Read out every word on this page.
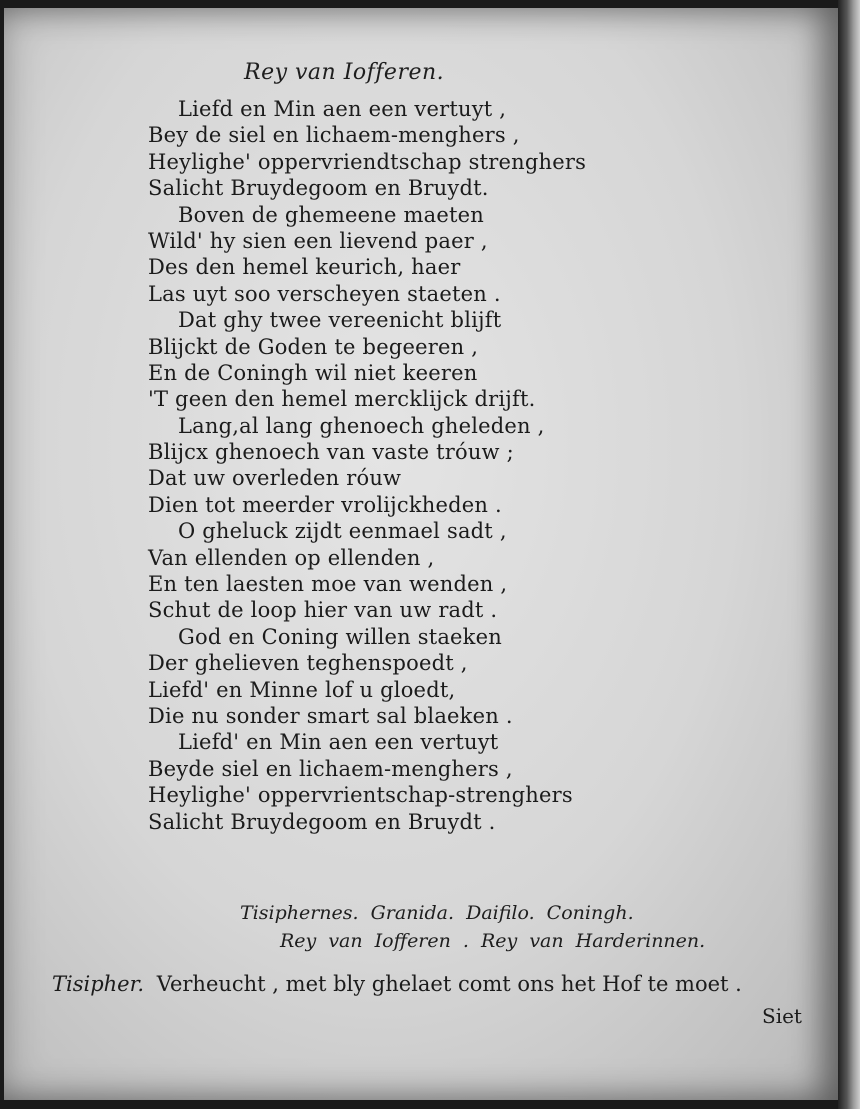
Rey van Iofferen.
Liefd en Min aen een vertuyt ,
Bey de siel en lichaem-menghers ,
Heylighe' oppervriendtschap strenghers
Salicht Bruydegoom en Bruydt.
Boven de ghemeene maeten
Wild' hy sien een lievend paer ,
Des den hemel keurich, haer
Las uyt soo verscheyen staeten .
Dat ghy twee vereenicht blijft
Blijckt de Goden te begeeren ,
En de Coningh wil niet keeren
'T geen den hemel mercklijck drijft.
Lang,al lang ghenoech gheleden ,
Blijcx ghenoech van vaste tróuw ;
Dat uw overleden róuw
Dien tot meerder vrolijckheden .
O gheluck zijdt eenmael sadt ,
Van ellenden op ellenden ,
En ten laesten moe van wenden ,
Schut de loop hier van uw radt .
God en Coning willen staeken
Der ghelieven teghenspoedt ,
Liefd' en Minne lof u gloedt,
Die nu sonder smart sal blaeken .
Liefd' en Min aen een vertuyt
Beyde siel en lichaem-menghers ,
Heylighe' oppervrientschap-strenghers
Salicht Bruydegoom en Bruydt .
Tisiphernes. Granida. Daifilo. Coningh.
Rey van Iofferen . Rey van Harderinnen.
Tisipher. Verheucht , met bly ghelaet comt ons het Hof te moet .
Siet
